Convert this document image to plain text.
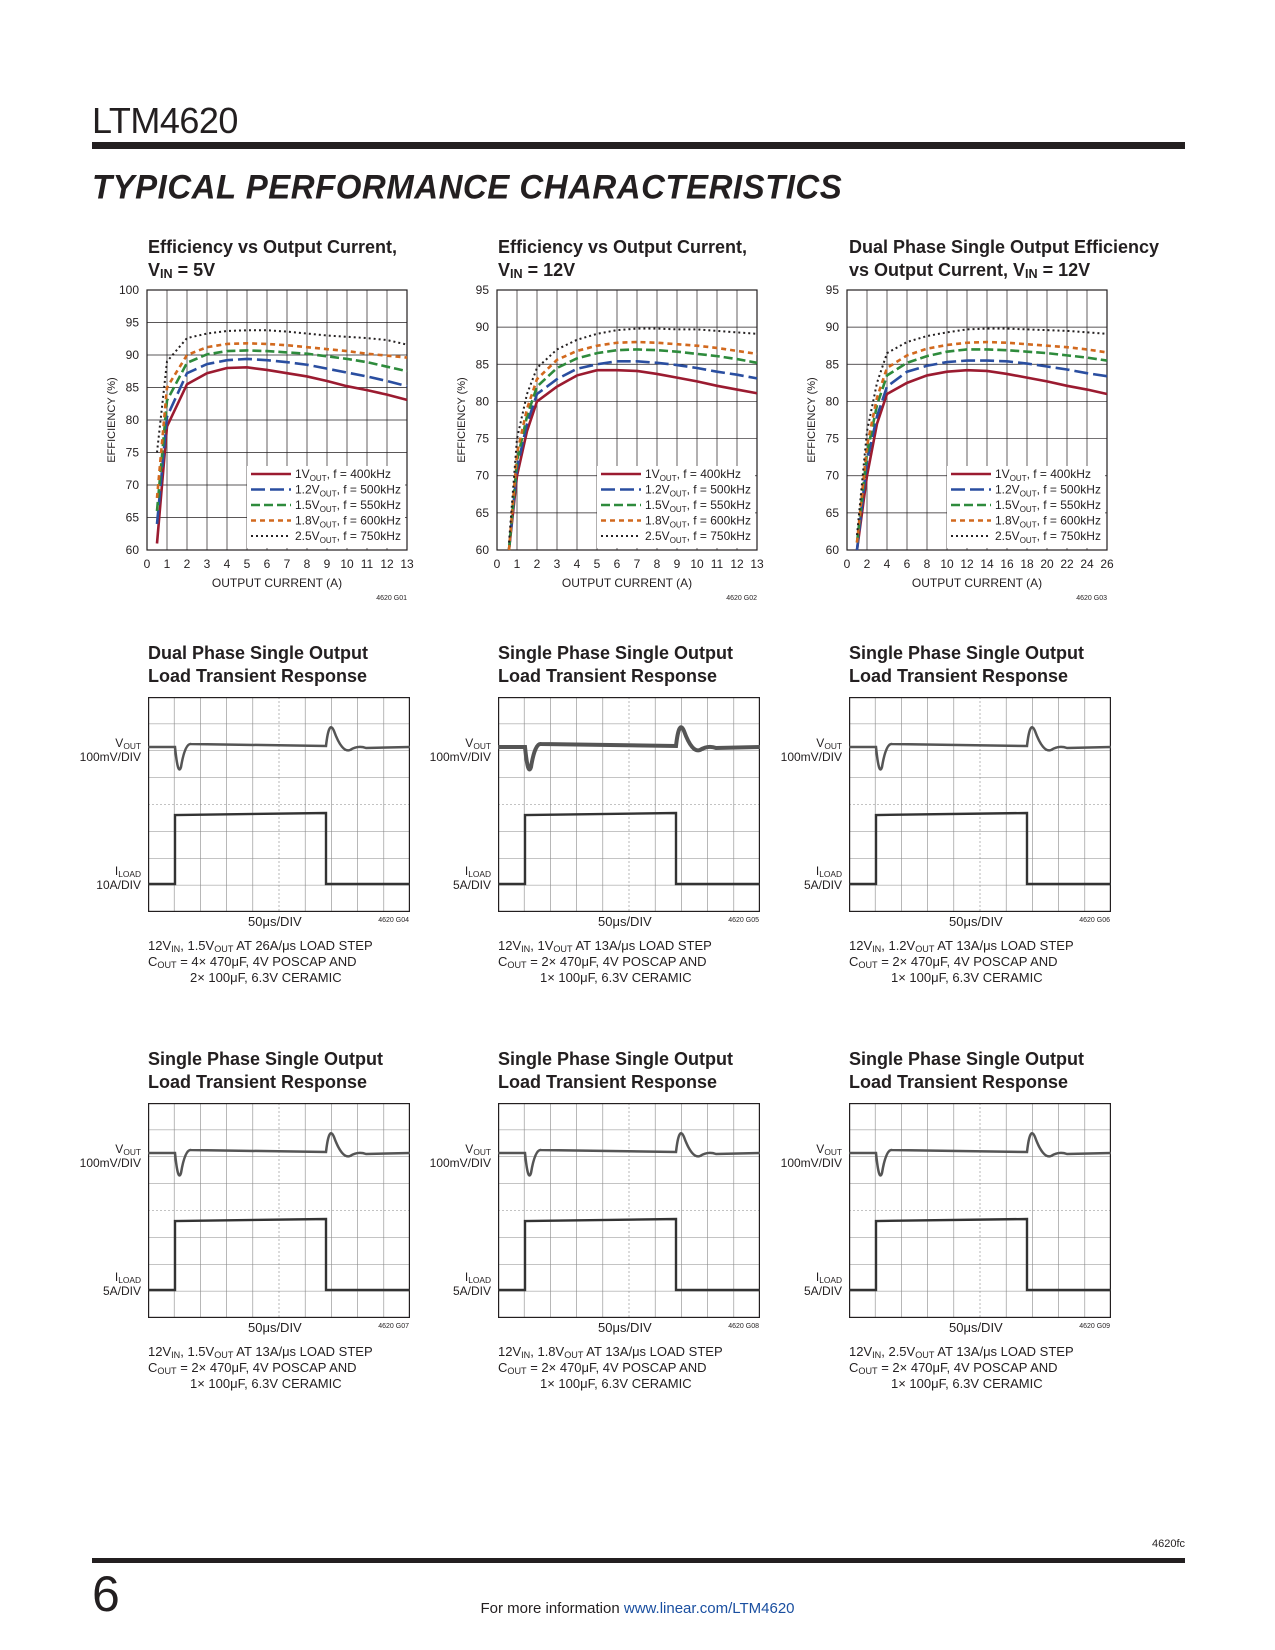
LTM4620
TYPICAL PERFORMANCE CHARACTERISTICS
Efficiency vs Output Current,
$V_{IN} = 5V$
0 1 2 3 4 5 6 7 8 9 10 11 12 13
60
65
70
75
80
85
90
95
100
OUTPUT CURRENT (A)
EFFICIENCY (%)
4620 G01
$1V_{OUT}$, f = 400kHz
$1.2V_{OUT}$, f = 500kHz
$1.5V_{OUT}$, f = 550kHz
$1.8V_{OUT}$, f = 600kHz
$2.5V_{OUT}$, f = 750kHz
Efficiency vs Output Current,
$V_{IN} = 12V$
0 1 2 3 4 5 6 7 8 9 10 11 12 13
60
65
70
75
80
85
90
95
OUTPUT CURRENT (A)
EFFICIENCY (%)
4620 G02
$1V_{OUT}$, f = 400kHz
$1.2V_{OUT}$, f = 500kHz
$1.5V_{OUT}$, f = 550kHz
$1.8V_{OUT}$, f = 600kHz
$2.5V_{OUT}$, f = 750kHz
Dual Phase Single Output Efficiency
vs Output Current, $V_{IN} = 12V$
0 2 4 6 8 10 12 14 16 18 20 22 24 26
60
65
70
75
80
85
90
95
OUTPUT CURRENT (A)
EFFICIENCY (%)
4620 G03
$1V_{OUT}$, f = 400kHz
$1.2V_{OUT}$, f = 500kHz
$1.5V_{OUT}$, f = 550kHz
$1.8V_{OUT}$, f = 600kHz
$2.5V_{OUT}$, f = 750kHz
Dual Phase Single Output
Load Transient Response
$V_{OUT}$
100mV/DIV
$I_{LOAD}$
10A/DIV
50μs/DIV	4620 G04
$12V_{IN}$, $1.5V_{OUT}$ AT 26A/μs LOAD STEP
$C_{OUT} = 4\times 470\mu F$, 4V POSCAP AND
2× 100μF, 6.3V CERAMIC
Single Phase Single Output
Load Transient Response
$V_{OUT}$
100mV/DIV
$I_{LOAD}$
5A/DIV
50μs/DIV	4620 G05
$12V_{IN}$, $1V_{OUT}$ AT 13A/μs LOAD STEP
$C_{OUT} = 2\times 470\mu F$, 4V POSCAP AND
1× 100μF, 6.3V CERAMIC
Single Phase Single Output
Load Transient Response
$V_{OUT}$
100mV/DIV
$I_{LOAD}$
5A/DIV
50μs/DIV	4620 G06
$12V_{IN}$, $1.2V_{OUT}$ AT 13A/μs LOAD STEP
$C_{OUT} = 2\times 470\mu F$, 4V POSCAP AND
1× 100μF, 6.3V CERAMIC
Single Phase Single Output
Load Transient Response
$V_{OUT}$
100mV/DIV
$I_{LOAD}$
5A/DIV
50μs/DIV	4620 G07
$12V_{IN}$, $1.5V_{OUT}$ AT 13A/μs LOAD STEP
$C_{OUT} = 2\times 470\mu F$, 4V POSCAP AND
1× 100μF, 6.3V CERAMIC
Single Phase Single Output
Load Transient Response
$V_{OUT}$
100mV/DIV
$I_{LOAD}$
5A/DIV
50μs/DIV	4620 G08
$12V_{IN}$, $1.8V_{OUT}$ AT 13A/μs LOAD STEP
$C_{OUT} = 2\times 470\mu F$, 4V POSCAP AND
1× 100μF, 6.3V CERAMIC
Single Phase Single Output
Load Transient Response
$V_{OUT}$
100mV/DIV
$I_{LOAD}$
5A/DIV
50μs/DIV	4620 G09
$12V_{IN}$, $2.5V_{OUT}$ AT 13A/μs LOAD STEP
$C_{OUT} = 2\times 470\mu F$, 4V POSCAP AND
1× 100μF, 6.3V CERAMIC
4620fc
6	For more information www.linear.com/LTM4620
